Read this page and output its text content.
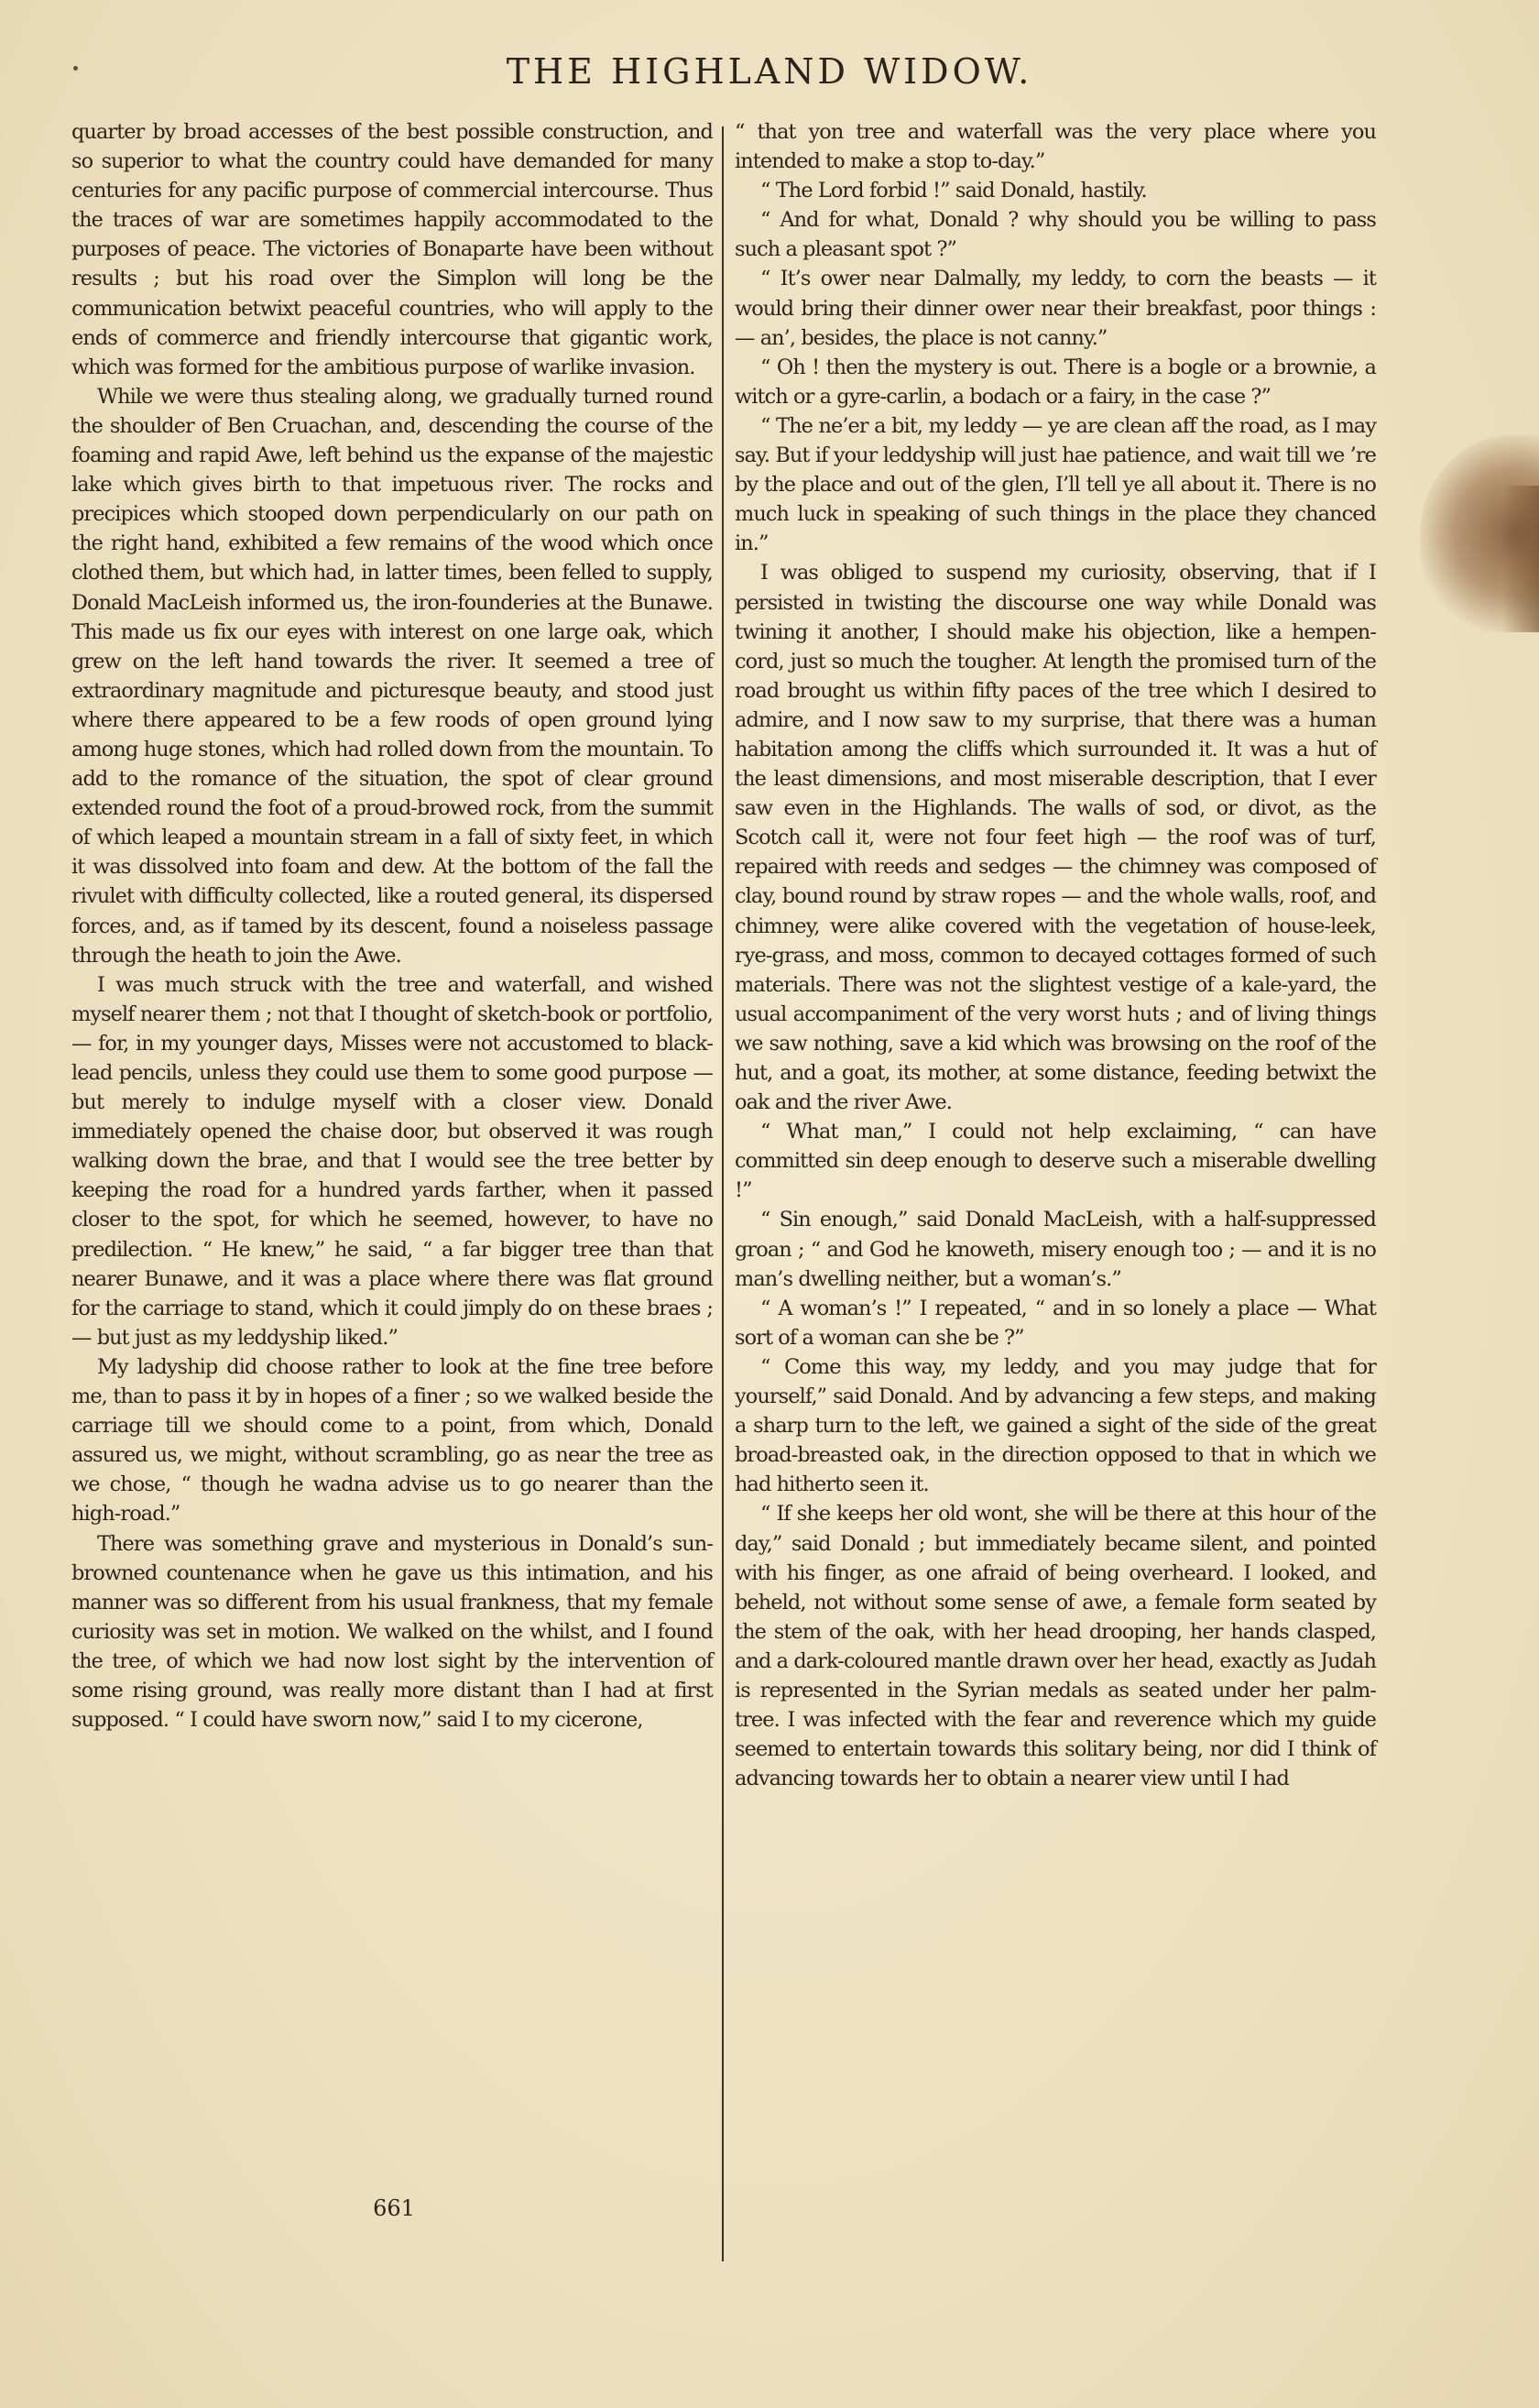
THE HIGHLAND WIDOW.

quarter by broad accesses of the best possible construction, and so superior to what the country could have demanded for many centuries for any pacific purpose of commercial intercourse. Thus the traces of war are sometimes happily accommodated to the purposes of peace. The victories of Bonaparte have been without results ; but his road over the Simplon will long be the communication betwixt peaceful countries, who will apply to the ends of commerce and friendly intercourse that gigantic work, which was formed for the ambitious purpose of warlike invasion.

While we were thus stealing along, we gradually turned round the shoulder of Ben Cruachan, and, descending the course of the foaming and rapid Awe, left behind us the expanse of the majestic lake which gives birth to that impetuous river. The rocks and precipices which stooped down perpendicularly on our path on the right hand, exhibited a few remains of the wood which once clothed them, but which had, in latter times, been felled to supply, Donald MacLeish informed us, the iron-founderies at the Bunawe. This made us fix our eyes with interest on one large oak, which grew on the left hand towards the river. It seemed a tree of extraordinary magnitude and picturesque beauty, and stood just where there appeared to be a few roods of open ground lying among huge stones, which had rolled down from the mountain. To add to the romance of the situation, the spot of clear ground extended round the foot of a proud-browed rock, from the summit of which leaped a mountain stream in a fall of sixty feet, in which it was dissolved into foam and dew. At the bottom of the fall the rivulet with difficulty collected, like a routed general, its dispersed forces, and, as if tamed by its descent, found a noiseless passage through the heath to join the Awe.

I was much struck with the tree and waterfall, and wished myself nearer them ; not that I thought of sketch-book or portfolio, — for, in my younger days, Misses were not accustomed to black-lead pencils, unless they could use them to some good purpose — but merely to indulge myself with a closer view. Donald immediately opened the chaise door, but observed it was rough walking down the brae, and that I would see the tree better by keeping the road for a hundred yards farther, when it passed closer to the spot, for which he seemed, however, to have no predilection. “ He knew,” he said, “ a far bigger tree than that nearer Bunawe, and it was a place where there was flat ground for the carriage to stand, which it could jimply do on these braes ; — but just as my leddyship liked.”

My ladyship did choose rather to look at the fine tree before me, than to pass it by in hopes of a finer ; so we walked beside the carriage till we should come to a point, from which, Donald assured us, we might, without scrambling, go as near the tree as we chose, “ though he wadna advise us to go nearer than the high-road.”

There was something grave and mysterious in Donald’s sun-browned countenance when he gave us this intimation, and his manner was so different from his usual frankness, that my female curiosity was set in motion. We walked on the whilst, and I found the tree, of which we had now lost sight by the intervention of some rising ground, was really more distant than I had at first supposed. “ I could have sworn now,” said I to my cicerone,

“ that yon tree and waterfall was the very place where you intended to make a stop to-day.”

“ The Lord forbid !” said Donald, hastily.

“ And for what, Donald ? why should you be willing to pass such a pleasant spot ?”

“ It’s ower near Dalmally, my leddy, to corn the beasts — it would bring their dinner ower near their breakfast, poor things : — an’, besides, the place is not canny.”

“ Oh ! then the mystery is out. There is a bogle or a brownie, a witch or a gyre-carlin, a bodach or a fairy, in the case ?”

“ The ne’er a bit, my leddy — ye are clean aff the road, as I may say. But if your leddyship will just hae patience, and wait till we ’re by the place and out of the glen, I’ll tell ye all about it. There is no much luck in speaking of such things in the place they chanced in.”

I was obliged to suspend my curiosity, observing, that if I persisted in twisting the discourse one way while Donald was twining it another, I should make his objection, like a hempen-cord, just so much the tougher. At length the promised turn of the road brought us within fifty paces of the tree which I desired to admire, and I now saw to my surprise, that there was a human habitation among the cliffs which surrounded it. It was a hut of the least dimensions, and most miserable description, that I ever saw even in the Highlands. The walls of sod, or divot, as the Scotch call it, were not four feet high — the roof was of turf, repaired with reeds and sedges — the chimney was composed of clay, bound round by straw ropes — and the whole walls, roof, and chimney, were alike covered with the vegetation of house-leek, rye-grass, and moss, common to decayed cottages formed of such materials. There was not the slightest vestige of a kale-yard, the usual accompaniment of the very worst huts ; and of living things we saw nothing, save a kid which was browsing on the roof of the hut, and a goat, its mother, at some distance, feeding betwixt the oak and the river Awe.

“ What man,” I could not help exclaiming, “ can have committed sin deep enough to deserve such a miserable dwelling !”

“ Sin enough,” said Donald MacLeish, with a half-suppressed groan ; “ and God he knoweth, misery enough too ; — and it is no man’s dwelling neither, but a woman’s.”

“ A woman’s !” I repeated, “ and in so lonely a place — What sort of a woman can she be ?”

“ Come this way, my leddy, and you may judge that for yourself,” said Donald. And by advancing a few steps, and making a sharp turn to the left, we gained a sight of the side of the great broad-breasted oak, in the direction opposed to that in which we had hitherto seen it.

“ If she keeps her old wont, she will be there at this hour of the day,” said Donald ; but immediately became silent, and pointed with his finger, as one afraid of being overheard. I looked, and beheld, not without some sense of awe, a female form seated by the stem of the oak, with her head drooping, her hands clasped, and a dark-coloured mantle drawn over her head, exactly as Judah is represented in the Syrian medals as seated under her palm-tree. I was infected with the fear and reverence which my guide seemed to entertain towards this solitary being, nor did I think of advancing towards her to obtain a nearer view until I had

661
